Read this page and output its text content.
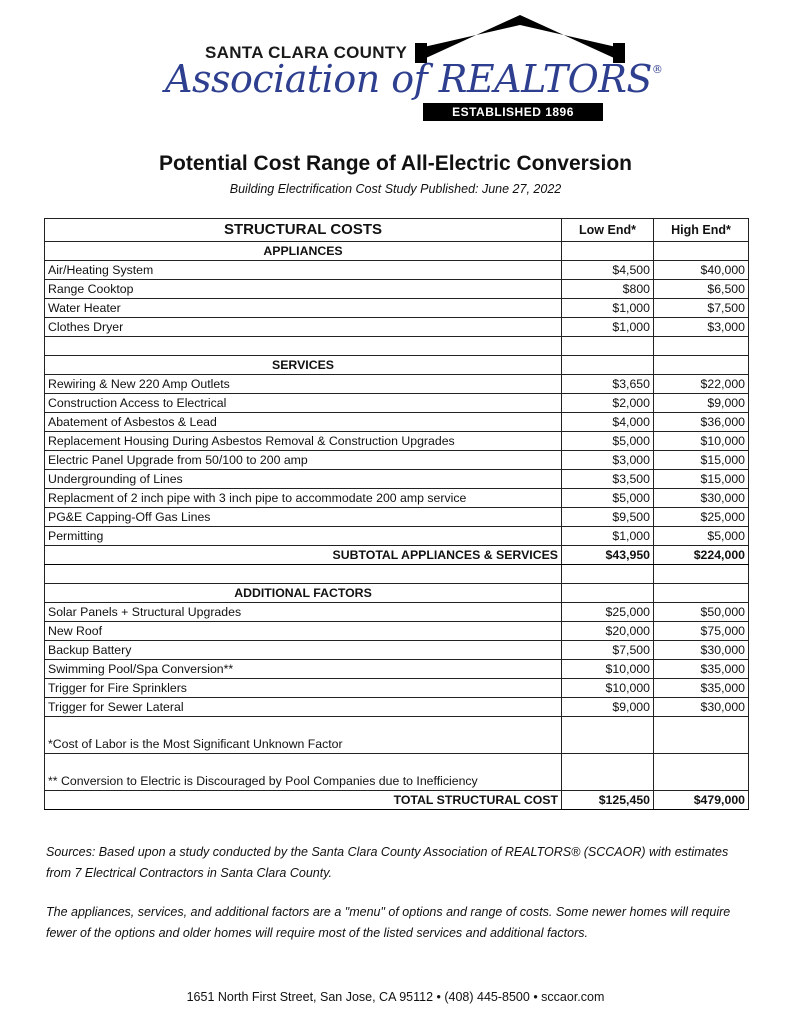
SANTA CLARA COUNTY
Association of REALTORS®
ESTABLISHED 1896
Potential Cost Range of All-Electric Conversion
Building Electrification Cost Study Published: June 27, 2022
STRUCTURAL COSTS	Low End*	High End*
APPLIANCES		
Air/Heating System	$4,500	$40,000
Range Cooktop	$800	$6,500
Water Heater	$1,000	$7,500
Clothes Dryer	$1,000	$3,000

SERVICES		
Rewiring & New 220 Amp Outlets	$3,650	$22,000
Construction Access to Electrical	$2,000	$9,000
Abatement of Asbestos & Lead	$4,000	$36,000
Replacement Housing During Asbestos Removal & Construction Upgrades	$5,000	$10,000
Electric Panel Upgrade from 50/100 to 200 amp	$3,000	$15,000
Undergrounding of Lines	$3,500	$15,000
Replacment of 2 inch pipe with 3 inch pipe to accommodate 200 amp service	$5,000	$30,000
PG&E Capping-Off Gas Lines	$9,500	$25,000
Permitting	$1,000	$5,000
SUBTOTAL APPLIANCES & SERVICES	$43,950	$224,000

ADDITIONAL FACTORS		
Solar Panels + Structural Upgrades	$25,000	$50,000
New Roof	$20,000	$75,000
Backup Battery	$7,500	$30,000
Swimming Pool/Spa Conversion**	$10,000	$35,000
Trigger for Fire Sprinklers	$10,000	$35,000
Trigger for Sewer Lateral	$9,000	$30,000
*Cost of Labor is the Most Significant Unknown Factor		
** Conversion to Electric is Discouraged by Pool Companies due to Inefficiency		
TOTAL STRUCTURAL COST	$125,450	$479,000
Sources: Based upon a study conducted by the Santa Clara County Association of REALTORS® (SCCAOR) with estimates from 7 Electrical Contractors in Santa Clara County.
The appliances, services, and additional factors are a "menu" of options and range of costs. Some newer homes will require fewer of the options and older homes will require most of the listed services and additional factors.
1651 North First Street, San Jose, CA 95112 • (408) 445-8500 • sccaor.com
